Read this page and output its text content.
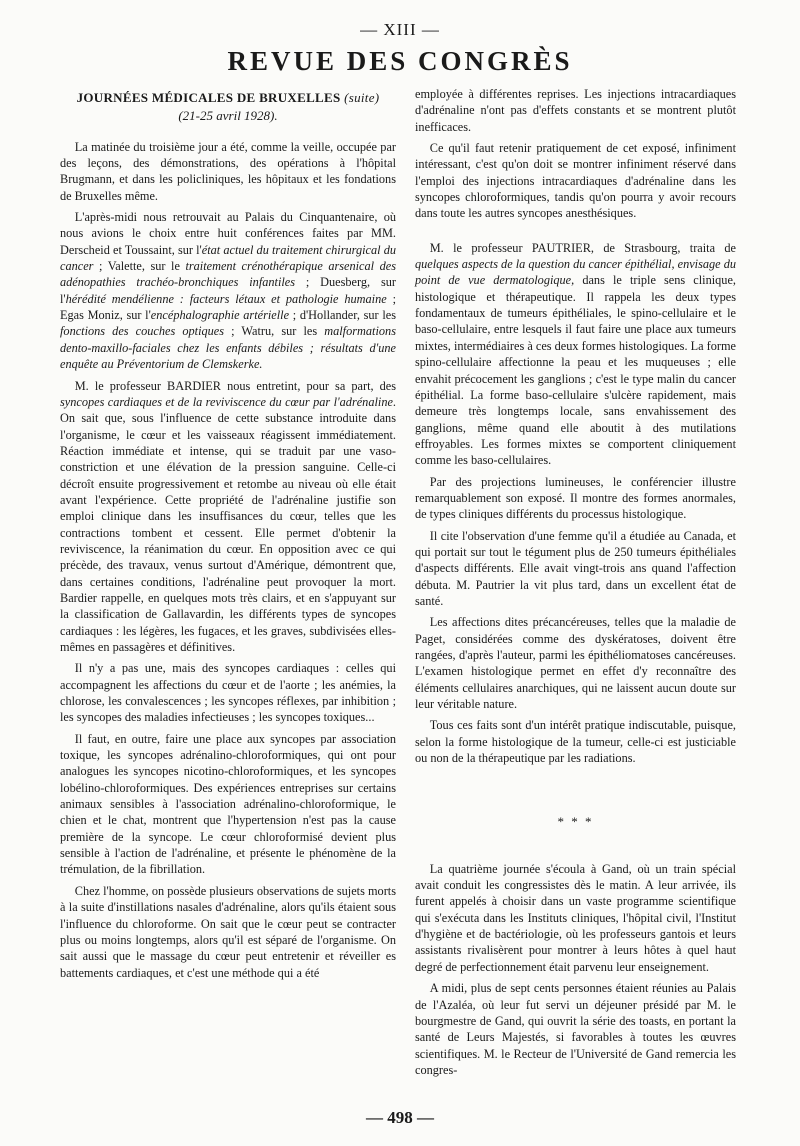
— XIII —
REVUE DES CONGRÈS
JOURNÉES MÉDICALES DE BRUXELLES (suite)
(21-25 avril 1928).

La matinée du troisième jour a été, comme la veille, occupée par des leçons, des démonstrations, des opérations à l'hôpital Brugmann, et dans les policliniques, les hôpitaux et les fondations de Bruxelles même.

L'après-midi nous retrouvait au Palais du Cinquantenaire, où nous avions le choix entre huit conférences faites par MM. Derscheid et Toussaint, sur l'état actuel du traitement chirurgical du cancer ; Valette, sur le traitement crénothérapique arsenical des adénopathies trachéo-bronchiques infantiles ; Duesberg, sur l'hérédité mendélienne : facteurs létaux et pathologie humaine ; Egas Moniz, sur l'encéphalographie artérielle ; d'Hollander, sur les fonctions des couches optiques ; Watru, sur les malformations dento-maxillo-faciales chez les enfants débiles ; résultats d'une enquête au Préventorium de Clemskerke.

M. le professeur BARDIER nous entretint, pour sa part, des syncopes cardiaques et de la reviviscence du cœur par l'adrénaline. On sait que, sous l'influence de cette substance introduite dans l'organisme, le cœur et les vaisseaux réagissent immédiatement. Réaction immédiate et intense, qui se traduit par une vaso-constriction et une élévation de la pression sanguine. Celle-ci décroît ensuite progressivement et retombe au niveau où elle était avant l'expérience. Cette propriété de l'adrénaline justifie son emploi clinique dans les insuffisances du cœur, telles que les contractions tombent et cessent. Elle permet d'obtenir la reviviscence, la réanimation du cœur. En opposition avec ce qui précède, des travaux, venus surtout d'Amérique, démontrent que, dans certaines conditions, l'adrénaline peut provoquer la mort. Bardier rappelle, en quelques mots très clairs, et en s'appuyant sur la classification de Gallavardin, les différents types de syncopes cardiaques : les légères, les fugaces, et les graves, subdivisées elles-mêmes en passagères et définitives.

Il n'y a pas une, mais des syncopes cardiaques : celles qui accompagnent les affections du cœur et de l'aorte ; les anémies, la chlorose, les convalescences ; les syncopes réflexes, par inhibition ; les syncopes des maladies infectieuses ; les syncopes toxiques...

Il faut, en outre, faire une place aux syncopes par association toxique, les syncopes adrénalino-chloroformiques, qui ont pour analogues les syncopes nicotino-chloroformiques, et les syncopes lobélino-chloroformiques. Des expériences entreprises sur certains animaux sensibles à l'association adrénalino-chloroformique, le chien et le chat, montrent que l'hypertension n'est pas la cause première de la syncope. Le cœur chloroformisé devient plus sensible à l'action de l'adrénaline, et présente le phénomène de la trémulation, de la fibrillation.

Chez l'homme, on possède plusieurs observations de sujets morts à la suite d'instillations nasales d'adrénaline, alors qu'ils étaient sous l'influence du chloroforme. On sait que le cœur peut se contracter plus ou moins longtemps, alors qu'il est séparé de l'organisme. On sait aussi que le massage du cœur peut entretenir et réveiller es battements cardiaques, et c'est une méthode qui a été

employée à différentes reprises. Les injections intracardiaques d'adrénaline n'ont pas d'effets constants et se montrent plutôt inefficaces.

Ce qu'il faut retenir pratiquement de cet exposé, infiniment intéressant, c'est qu'on doit se montrer infiniment réservé dans l'emploi des injections intracardiaques d'adrénaline dans les syncopes chloroformiques, tandis qu'on pourra y avoir recours dans toute les autres syncopes anesthésiques.

M. le professeur PAUTRIER, de Strasbourg, traita de quelques aspects de la question du cancer épithélial, envisage du point de vue dermatologique, dans le triple sens clinique, histologique et thérapeutique. Il rappela les deux types fondamentaux de tumeurs épithéliales, le spino-cellulaire et le baso-cellulaire, entre lesquels il faut faire une place aux tumeurs mixtes, intermédiaires à ces deux formes histologiques. La forme spino-cellulaire affectionne la peau et les muqueuses ; elle envahit précocement les ganglions ; c'est le type malin du cancer épithélial. La forme baso-cellulaire s'ulcère rapidement, mais demeure très longtemps locale, sans envahissement des ganglions, même quand elle aboutit à des mutilations effroyables. Les formes mixtes se comportent cliniquement comme les baso-cellulaires.

Par des projections lumineuses, le conférencier illustre remarquablement son exposé. Il montre des formes anormales, de types cliniques différents du processus histologique.

Il cite l'observation d'une femme qu'il a étudiée au Canada, et qui portait sur tout le tégument plus de 250 tumeurs épithéliales d'aspects différents. Elle avait vingt-trois ans quand l'affection débuta. M. Pautrier la vit plus tard, dans un excellent état de santé.

Les affections dites précancéreuses, telles que la maladie de Paget, considérées comme des dyskératoses, doivent être rangées, d'après l'auteur, parmi les épithéliomatoses cancéreuses. L'examen histologique permet en effet d'y reconnaître des éléments cellulaires anarchiques, qui ne laissent aucun doute sur leur véritable nature.

Tous ces faits sont d'un intérêt pratique indiscutable, puisque, selon la forme histologique de la tumeur, celle-ci est justiciable ou non de la thérapeutique par les radiations.

* * *

La quatrième journée s'écoula à Gand, où un train spécial avait conduit les congressistes dès le matin. A leur arrivée, ils furent appelés à choisir dans un vaste programme scientifique qui s'exécuta dans les Instituts cliniques, l'hôpital civil, l'Institut d'hygiène et de bactériologie, où les professeurs gantois et leurs assistants rivalisèrent pour montrer à leurs hôtes à quel haut degré de perfectionnement était parvenu leur enseignement.

A midi, plus de sept cents personnes étaient réunies au Palais de l'Azaléa, où leur fut servi un déjeuner présidé par M. le bourgmestre de Gand, qui ouvrit la série des toasts, en portant la santé de Leurs Majestés, si favorables à toutes les œuvres scientifiques. M. le Recteur de l'Université de Gand remercia les congres-

— 498 —
